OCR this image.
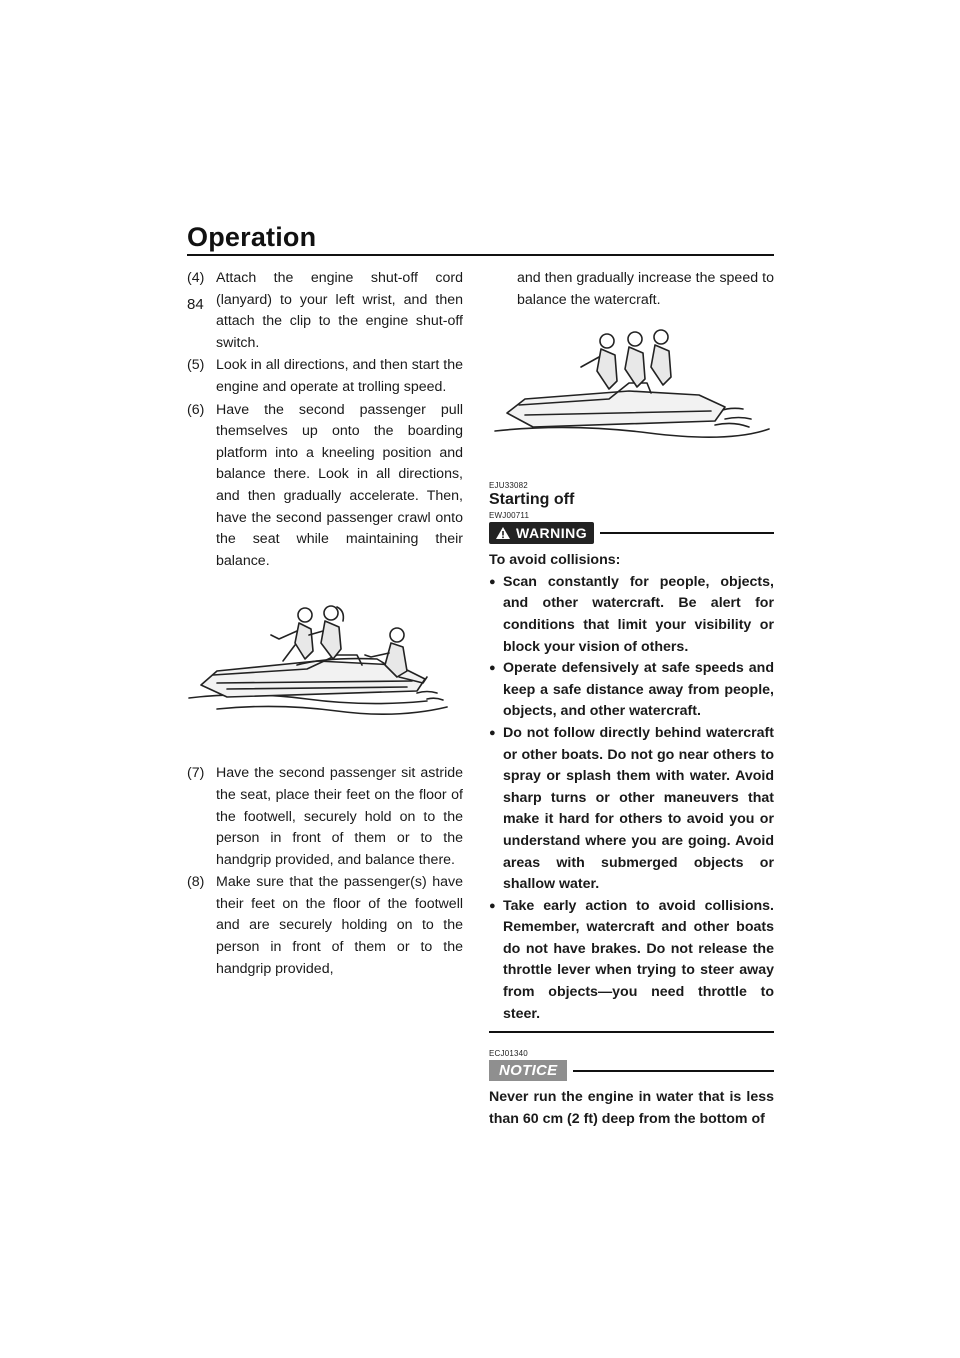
Operation
84
(4) Attach the engine shut-off cord (lanyard) to your left wrist, and then attach the clip to the engine shut-off switch.
(5) Look in all directions, and then start the engine and operate at trolling speed.
(6) Have the second passenger pull themselves up onto the boarding platform into a kneeling position and balance there. Look in all directions, and then gradually accelerate. Then, have the second passenger crawl onto the seat while maintaining their balance.
(7) Have the second passenger sit astride the seat, place their feet on the floor of the footwell, securely hold on to the person in front of them or to the handgrip provided, and balance there.
(8) Make sure that the passenger(s) have their feet on the floor of the footwell and are securely holding on to the person in front of them or to the handgrip provided,
and then gradually increase the speed to balance the watercraft.
EJU33082
Starting off
EWJ00711
WARNING
To avoid collisions:
● Scan constantly for people, objects, and other watercraft. Be alert for conditions that limit your visibility or block your vision of others.
● Operate defensively at safe speeds and keep a safe distance away from people, objects, and other watercraft.
● Do not follow directly behind watercraft or other boats. Do not go near others to spray or splash them with water. Avoid sharp turns or other maneuvers that make it hard for others to avoid you or understand where you are going. Avoid areas with submerged objects or shallow water.
● Take early action to avoid collisions. Remember, watercraft and other boats do not have brakes. Do not release the throttle lever when trying to steer away from objects—you need throttle to steer.
ECJ01340
NOTICE
Never run the engine in water that is less than 60 cm (2 ft) deep from the bottom of
